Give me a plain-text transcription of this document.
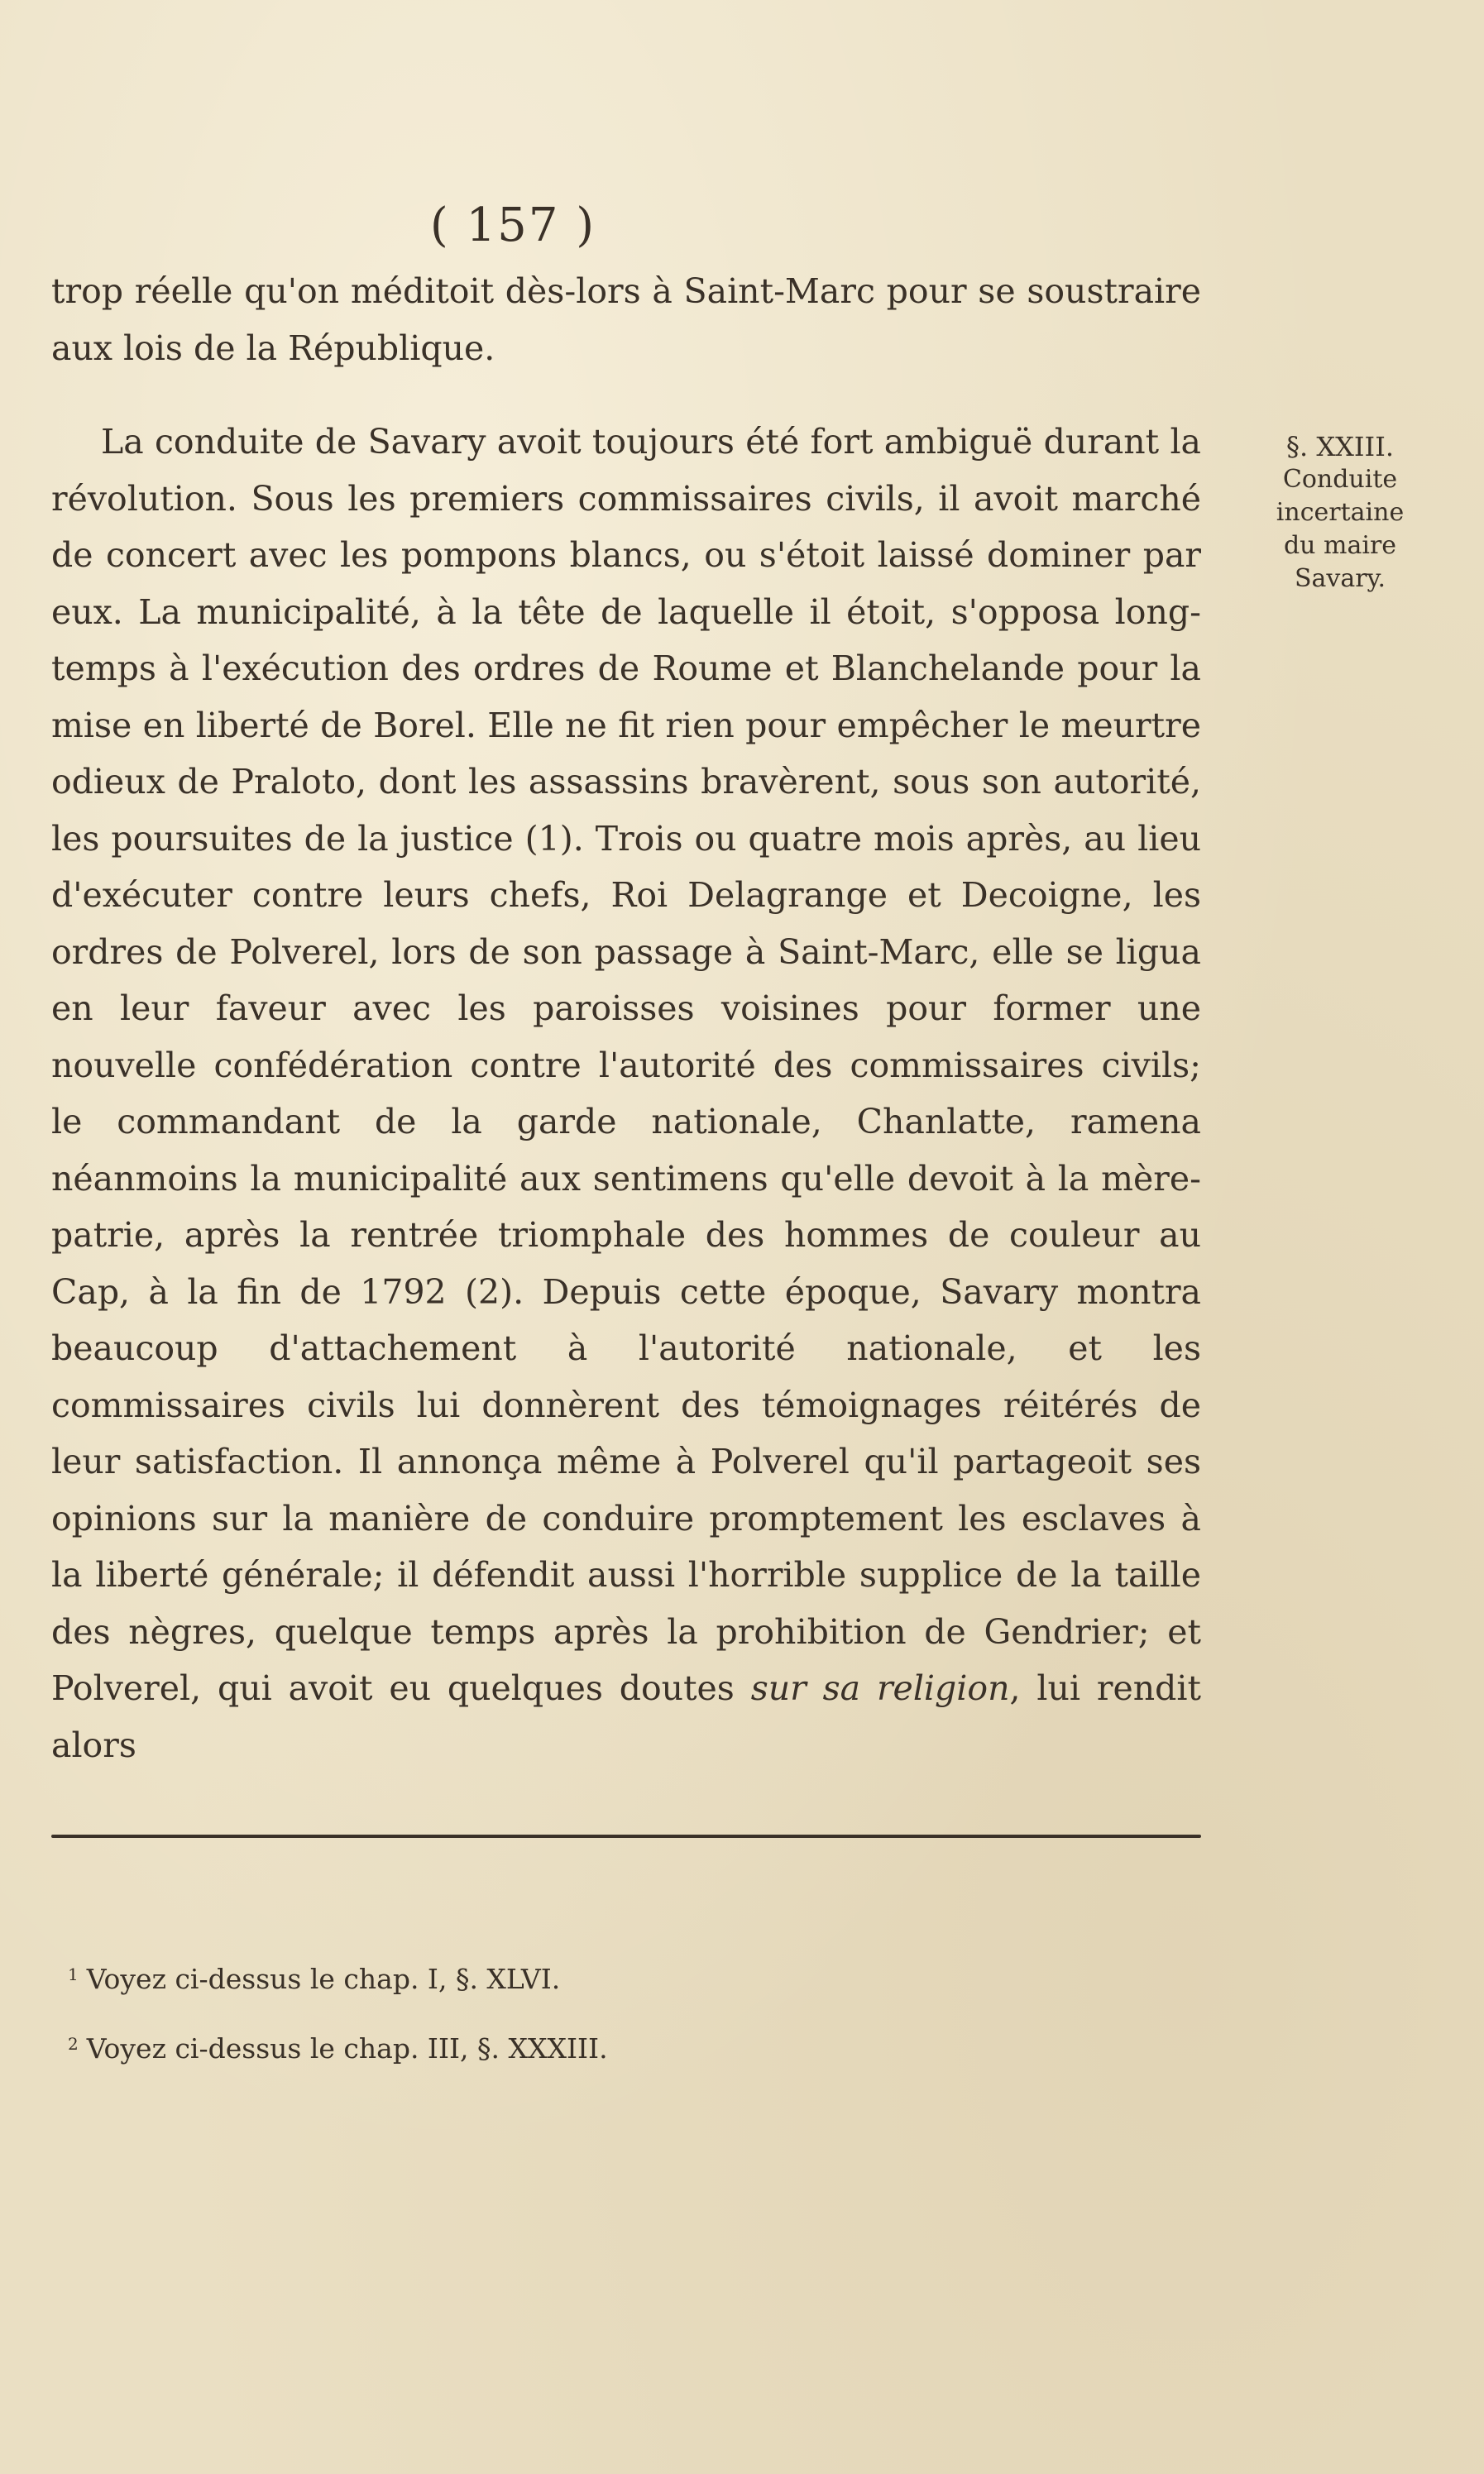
( 157 )

trop réelle qu'on méditoit dès-lors à Saint-Marc pour se soustraire aux lois de la République.

La conduite de Savary avoit toujours été fort ambiguë durant la révolution. Sous les premiers commissaires civils, il avoit marché de concert avec les pompons blancs, ou s'étoit laissé dominer par eux. La municipalité, à la tête de laquelle il étoit, s'opposa long-temps à l'exécution des ordres de Roume et Blanchelande pour la mise en liberté de Borel. Elle ne fit rien pour empêcher le meurtre odieux de Praloto, dont les assassins bravèrent, sous son autorité, les poursuites de la justice (1). Trois ou quatre mois après, au lieu d'exécuter contre leurs chefs, Roi Delagrange et Decoigne, les ordres de Polverel, lors de son passage à Saint-Marc, elle se ligua en leur faveur avec les paroisses voisines pour former une nouvelle confédération contre l'autorité des commissaires civils; le commandant de la garde nationale, Chanlatte, ramena néanmoins la municipalité aux sentimens qu'elle devoit à la mère-patrie, après la rentrée triomphale des hommes de couleur au Cap, à la fin de 1792 (2). Depuis cette époque, Savary montra beaucoup d'attachement à l'autorité nationale, et les commissaires civils lui donnèrent des témoignages réitérés de leur satisfaction. Il annonça même à Polverel qu'il partageoit ses opinions sur la manière de conduire promptement les esclaves à la liberté générale; il défendit aussi l'horrible supplice de la taille des nègres, quelque temps après la prohibition de Gendrier; et Polverel, qui avoit eu quelques doutes sur sa religion, lui rendit alors

§. XXIII.
Conduite
incertaine
du maire
Savary.
$^1$ Voyez ci-dessus le chap. I, §. XLVI.
$^2$ Voyez ci-dessus le chap. III, §. XXXIII.
